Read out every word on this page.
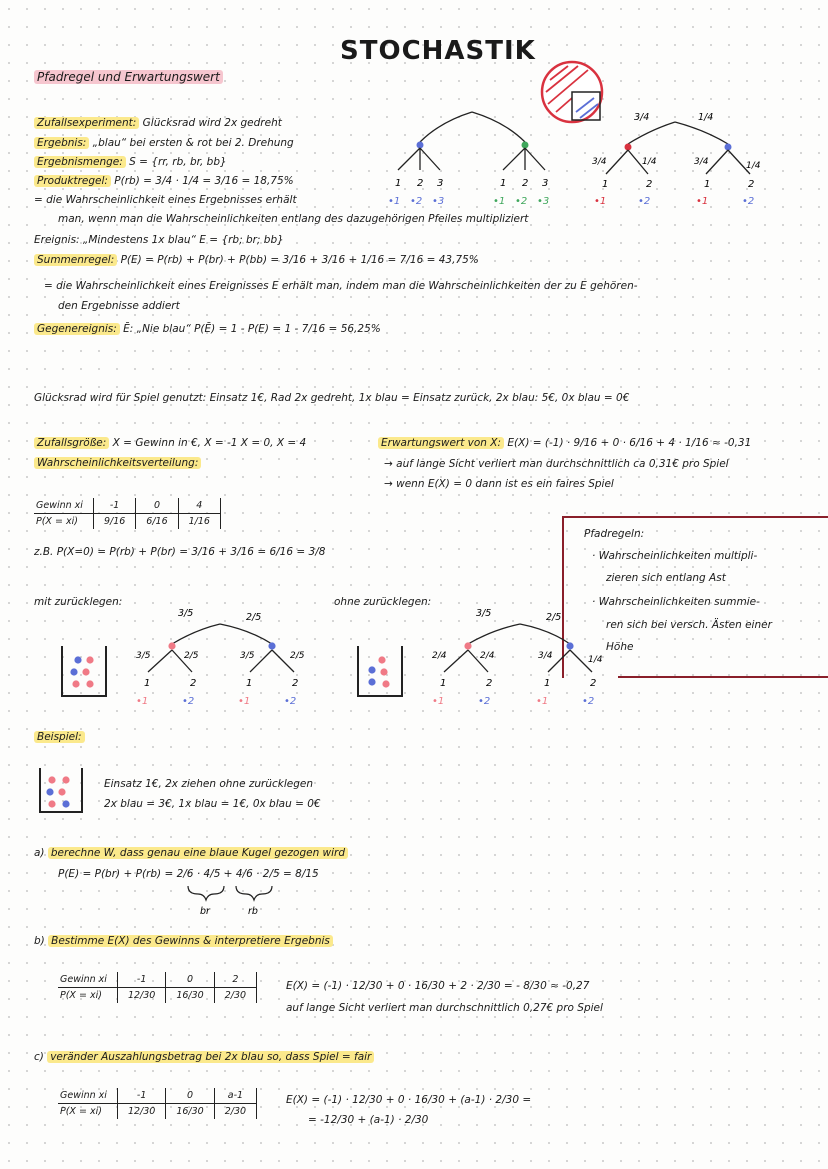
STOCHASTIK
Pfadregel und Erwartungswert
Zufallsexperiment: Glücksrad wird 2x gedreht
Ergebnis: „blau“ bei ersten & rot bei 2. Drehung
Ergebnismenge: S = {rr, rb, br, bb}
Produktregel: P(rb) = 3/4 · 1/4 = 3/16 = 18,75%
= die Wahrscheinlichkeit eines Ergebnisses erhält
man, wenn man die Wahrscheinlichkeiten entlang des dazugehörigen Pfeiles multipliziert
Ereignis: „Mindestens 1x blau“ E = {rb; br; bb}
Summenregel: P(E) = P(rb) + P(br) + P(bb) = 3/16 + 3/16 + 1/16 = 7/16 = 43,75%
= die Wahrscheinlichkeit eines Ereignisses E erhält man, indem man die Wahrscheinlichkeiten der zu E gehören-
den Ergebnisse addiert
Gegenereignis: Ē: „Nie blau“ P(Ē) = 1 - P(E) = 1 - 7/16 = 56,25%
1 2 3	1 2 3
•1 •2 •3	•1 •2 •3
3/4	1/4
3/4	1/4	3/4	1/4
1	2	1	2
•1	•2	•1	•2
Glücksrad wird für Spiel genutzt: Einsatz 1€, Rad 2x gedreht, 1x blau = Einsatz zurück, 2x blau: 5€, 0x blau = 0€
Zufallsgröße: X = Gewinn in €, X = -1 X = 0, X = 4
Wahrscheinlichkeitsverteilung:
Erwartungswert von X: E(X) = (-1) · 9/16 + 0 · 6/16 + 4 · 1/16 ≈ -0,31
→ auf lange Sicht verliert man durchschnittlich ca 0,31€ pro Spiel
→ wenn E(X) = 0 dann ist es ein faires Spiel
Gewinn xi	-1	0	4
P(X = xi)	9/16	6/16	1/16
z.B. P(X=0) = P(rb) + P(br) = 3/16 + 3/16 = 6/16 = 3/8
Pfadregeln:
· Wahrscheinlichkeiten multipli-
zieren sich entlang Ast
· Wahrscheinlichkeiten summie-
ren sich bei versch. Ästen einer
Höhe
mit zurücklegen:	ohne zurücklegen:
3/5	2/5
3/5	2/5	3/5	2/5
1	2	1	2
•1	•2	•1	•2
3/5	2/5
2/4	2/4	3/4	1/4
1	2	1	2
•1	•2	•1	•2
Beispiel:
Einsatz 1€, 2x ziehen ohne zurücklegen
2x blau = 3€, 1x blau = 1€, 0x blau = 0€
a) berechne W, dass genau eine blaue Kugel gezogen wird
P(E) = P(br) + P(rb) = 2/6 · 4/5 + 4/6 · 2/5 = 8/15
br	rb
b) Bestimme E(X) des Gewinns & interpretiere Ergebnis
Gewinn xi	-1	0	2
P(X = xi)	12/30	16/30	2/30
E(X) = (-1) · 12/30 + 0 · 16/30 + 2 · 2/30 = - 8/30 ≈ -0,27
auf lange Sicht verliert man durchschnittlich 0,27€ pro Spiel
c) veränder Auszahlungsbetrag bei 2x blau so, dass Spiel = fair
Gewinn xi	-1	0	a-1
P(X = xi)	12/30	16/30	2/30
E(X) = (-1) · 12/30 + 0 · 16/30 + (a-1) · 2/30 =
= -12/30 + (a-1) · 2/30
